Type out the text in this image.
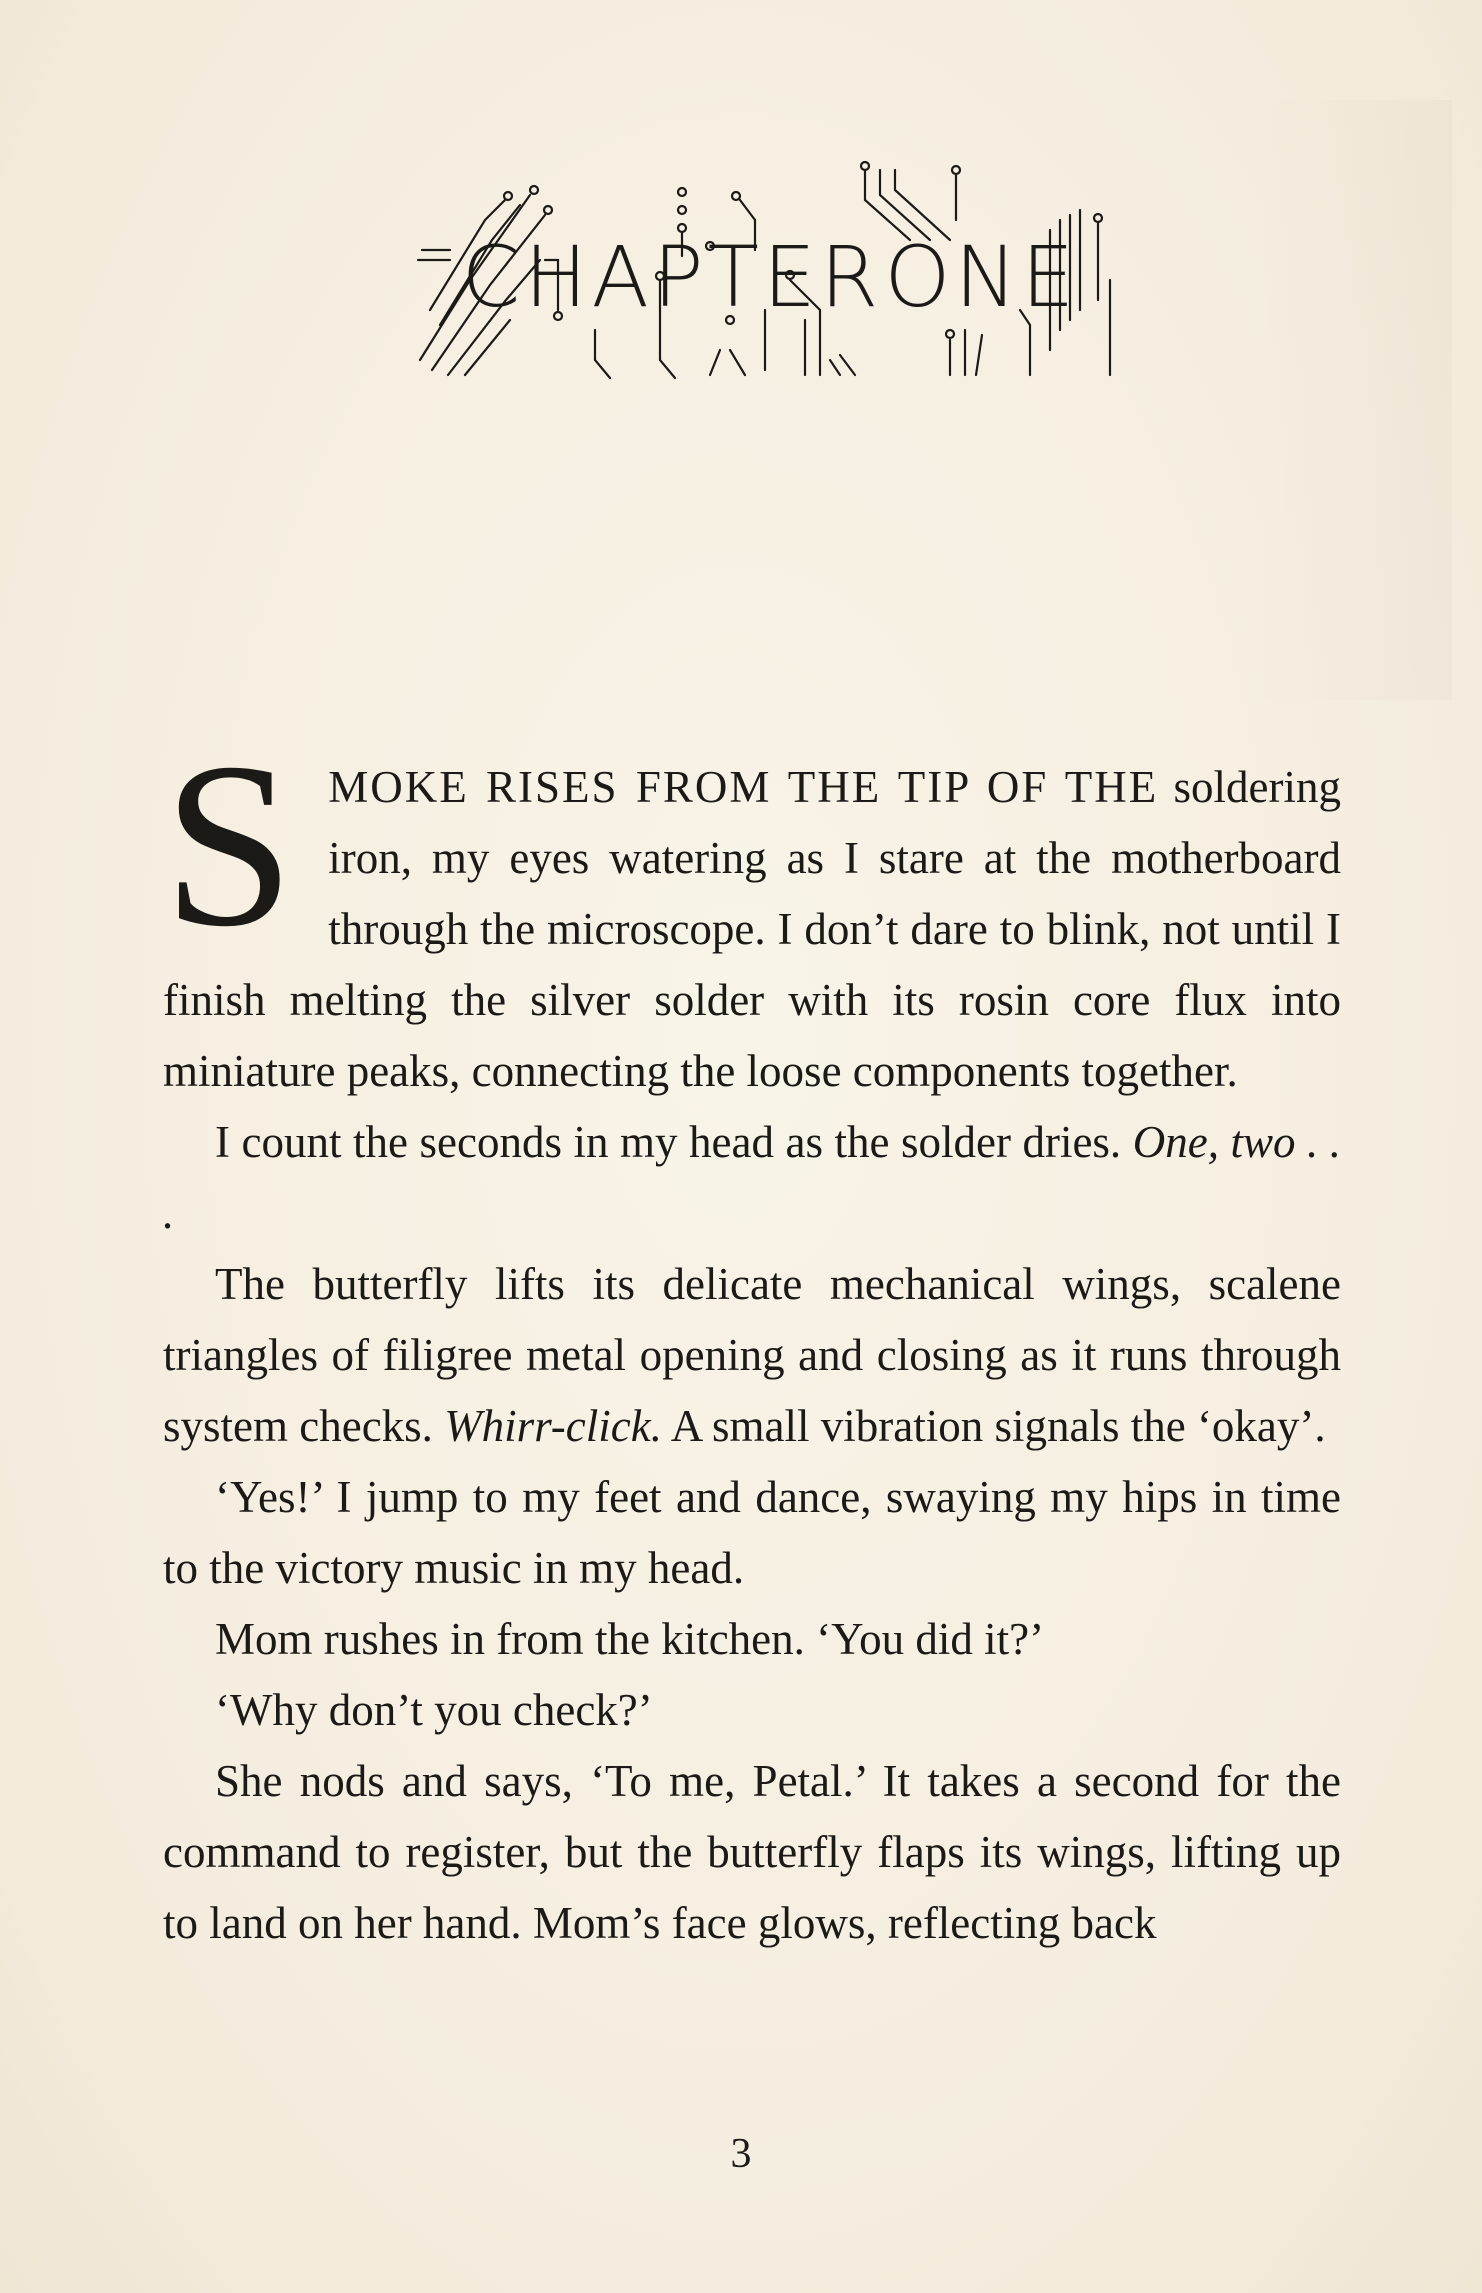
CHAPTER ONE

SMOKE RISES FROM THE TIP OF THE soldering iron, my eyes watering as I stare at the motherboard through the microscope. I don’t dare to blink, not until I finish melting the silver solder with its rosin core flux into miniature peaks, connecting the loose components together.

I count the seconds in my head as the solder dries. One, two . . .

The butterfly lifts its delicate mechanical wings, scalene triangles of filigree metal opening and closing as it runs through system checks. Whirr-click. A small vibration signals the ‘okay’.

‘Yes!’ I jump to my feet and dance, swaying my hips in time to the victory music in my head.

Mom rushes in from the kitchen. ‘You did it?’

‘Why don’t you check?’

She nods and says, ‘To me, Petal.’ It takes a second for the command to register, but the butterfly flaps its wings, lifting up to land on her hand. Mom’s face glows, reflecting back

3
